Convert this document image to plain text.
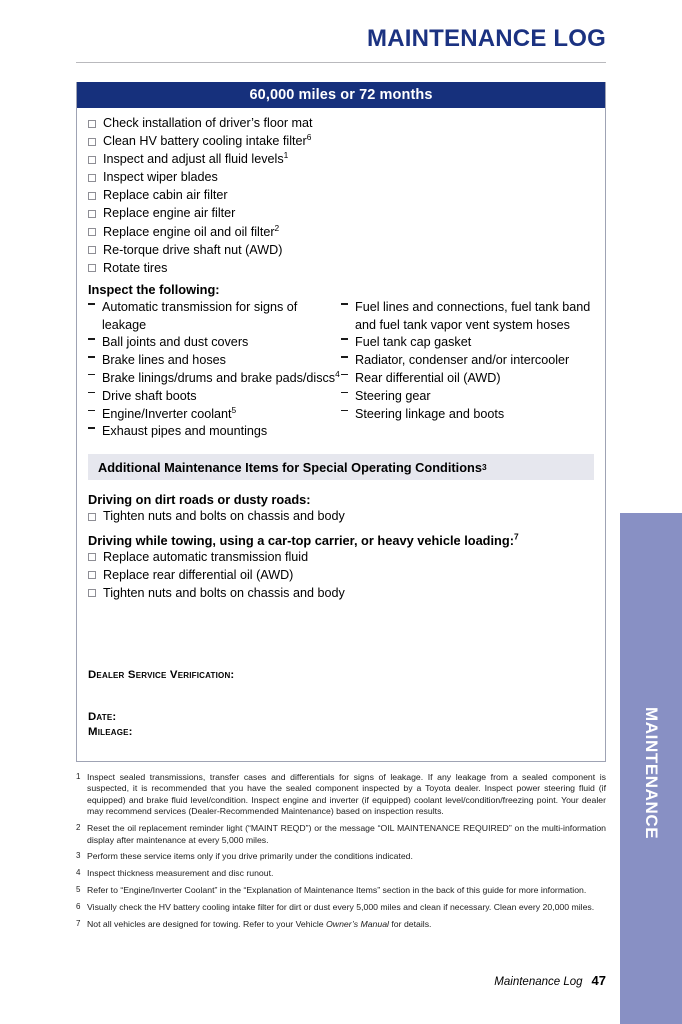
MAINTENANCE LOG
60,000 miles or 72 months
Check installation of driver’s floor mat
Clean HV battery cooling intake filter$^6$
Inspect and adjust all fluid levels$^1$
Inspect wiper blades
Replace cabin air filter
Replace engine air filter
Replace engine oil and oil filter$^2$
Re-torque drive shaft nut (AWD)
Rotate tires
Inspect the following:
Automatic transmission for signs of leakage
Ball joints and dust covers
Brake lines and hoses
Brake linings/drums and brake pads/discs$^4$
Drive shaft boots
Engine/Inverter coolant$^5$
Exhaust pipes and mountings
Fuel lines and connections, fuel tank band and fuel tank vapor vent system hoses
Fuel tank cap gasket
Radiator, condenser and/or intercooler
Rear differential oil (AWD)
Steering gear
Steering linkage and boots
Additional Maintenance Items for Special Operating Conditions 3
Driving on dirt roads or dusty roads:
Tighten nuts and bolts on chassis and body
Driving while towing, using a car-top carrier, or heavy vehicle loading:$^7$
Replace automatic transmission fluid
Replace rear differential oil (AWD)
Tighten nuts and bolts on chassis and body
Dealer Service Verification:
Date:
Mileage:
1 Inspect sealed transmissions, transfer cases and differentials for signs of leakage. If any leakage from a sealed component is suspected, it is recommended that you have the sealed component inspected by a Toyota dealer. Inspect power steering fluid (if equipped) and brake fluid level/condition. Inspect engine and inverter (if equipped) coolant level/condition/freezing point. Your dealer may recommend services (Dealer-Recommended Maintenance) based on inspection results.
2 Reset the oil replacement reminder light (“MAINT REQD”) or the message “OIL MAINTENANCE REQUIRED” on the multi-information display after maintenance at every 5,000 miles.
3 Perform these service items only if you drive primarily under the conditions indicated.
4 Inspect thickness measurement and disc runout.
5 Refer to “Engine/Inverter Coolant” in the “Explanation of Maintenance Items” section in the back of this guide for more information.
6 Visually check the HV battery cooling intake filter for dirt or dust every 5,000 miles and clean if necessary. Clean every 20,000 miles.
7 Not all vehicles are designed for towing. Refer to your Vehicle Owner’s Manual for details.
Maintenance Log 47
MAINTENANCE
